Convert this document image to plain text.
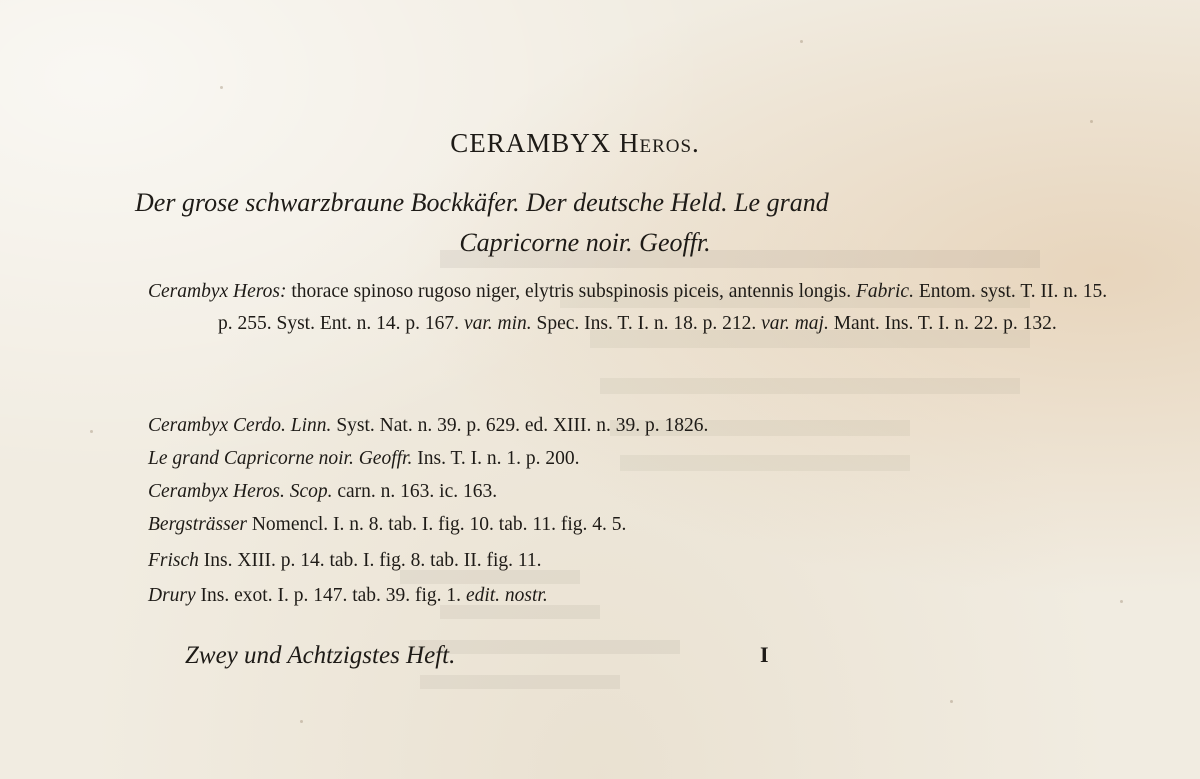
CERAMBYX Heros.
Der grose schwarzbraune Bockkäfer. Der deutsche Held. Le grand
Capricorne noir. Geoffr.
Cerambyx Heros: thorace spinoso rugoso niger, elytris subspinosis piceis, antennis longis. Fabric. Entom. syst. T. II. n. 15. p. 255. Syst. Ent. n. 14. p. 167. var. min. Spec. Ins. T. I. n. 18. p. 212. var. maj. Mant. Ins. T. I. n. 22. p. 132.
Cerambyx Cerdo. Linn. Syst. Nat. n. 39. p. 629. ed. XIII. n. 39. p. 1826.
Le grand Capricorne noir. Geoffr. Ins. T. I. n. 1. p. 200.
Cerambyx Heros. Scop. carn. n. 163. ic. 163.
Bergsträsser Nomencl. I. n. 8. tab. I. fig. 10. tab. 11. fig. 4. 5.
Frisch Ins. XIII. p. 14. tab. I. fig. 8. tab. II. fig. 11.
Drury Ins. exot. I. p. 147. tab. 39. fig. 1. edit. nostr.
Zwey und Achtzigstes Heft.	I
